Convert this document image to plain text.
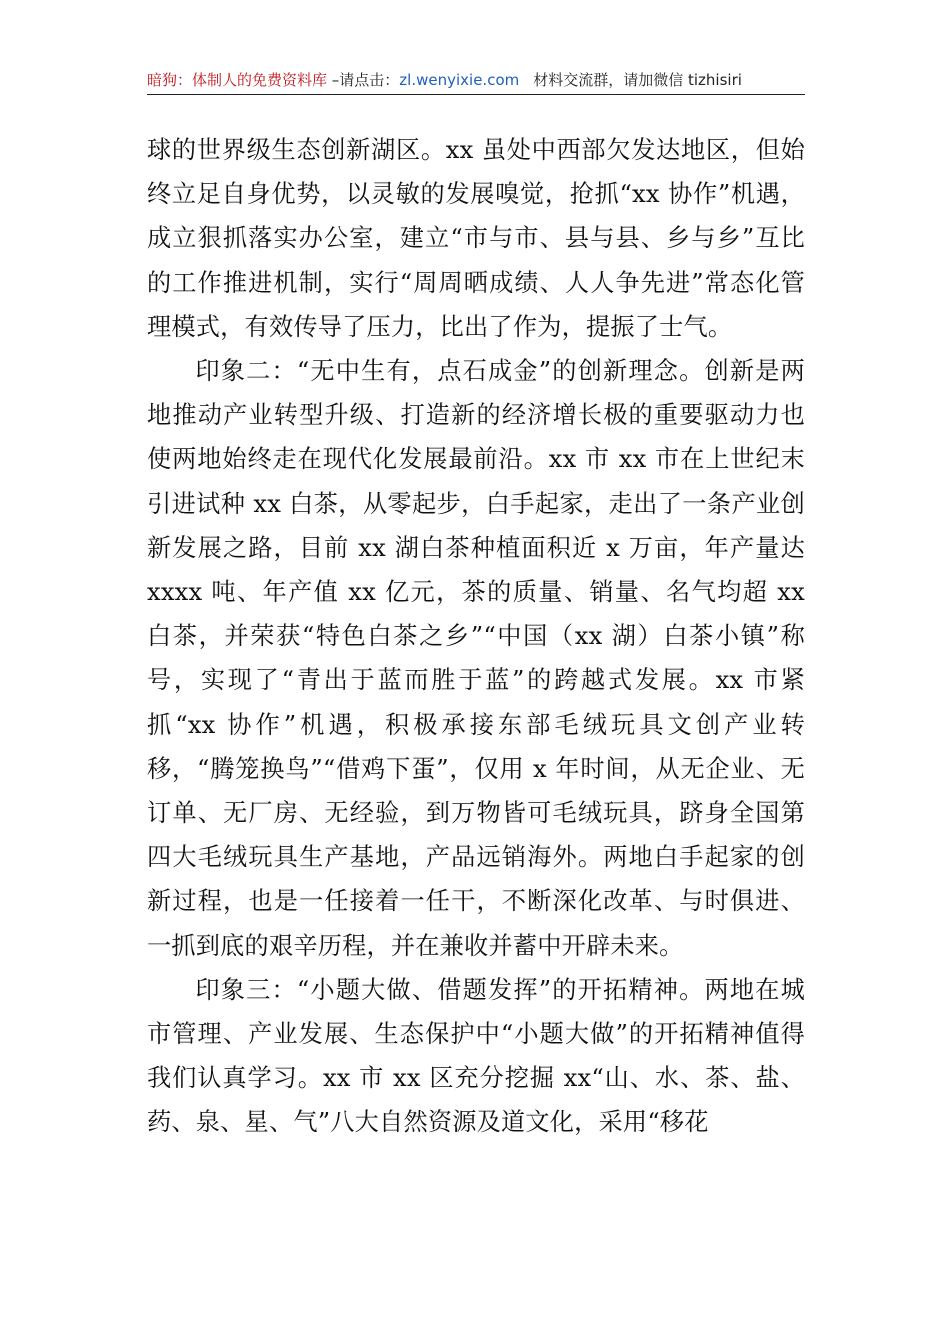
暗狗：体制人的免费资料库 –请点击：zl.wenyixie.com 材料交流群，请加微信 tizhisiri

球的世界级生态创新湖区。xx 虽处中西部欠发达地区，但始终立足自身优势，以灵敏的发展嗅觉，抢抓“xx 协作”机遇，成立狠抓落实办公室，建立“市与市、县与县、乡与乡”互比的工作推进机制，实行“周周晒成绩、人人争先进”常态化管理模式，有效传导了压力，比出了作为，提振了士气。

印象二：“无中生有，点石成金”的创新理念。创新是两地推动产业转型升级、打造新的经济增长极的重要驱动力也使两地始终走在现代化发展最前沿。xx 市 xx 市在上世纪末引进试种 xx 白茶，从零起步，白手起家，走出了一条产业创新发展之路，目前 xx 湖白茶种植面积近 x 万亩，年产量达 xxxx 吨、年产值 xx 亿元，茶的质量、销量、名气均超 xx 白茶，并荣获“特色白茶之乡”“中国（xx 湖）白茶小镇”称号，实现了“青出于蓝而胜于蓝”的跨越式发展。xx 市紧抓“xx 协作”机遇，积极承接东部毛绒玩具文创产业转移，“腾笼换鸟”“借鸡下蛋”，仅用 x 年时间，从无企业、无订单、无厂房、无经验，到万物皆可毛绒玩具，跻身全国第四大毛绒玩具生产基地，产品远销海外。两地白手起家的创新过程，也是一任接着一任干，不断深化改革、与时俱进、一抓到底的艰辛历程，并在兼收并蓄中开辟未来。

印象三：“小题大做、借题发挥”的开拓精神。两地在城市管理、产业发展、生态保护中“小题大做”的开拓精神值得我们认真学习。xx 市 xx 区充分挖掘 xx“山、水、茶、盐、药、泉、星、气”八大自然资源及道文化，采用“移花
